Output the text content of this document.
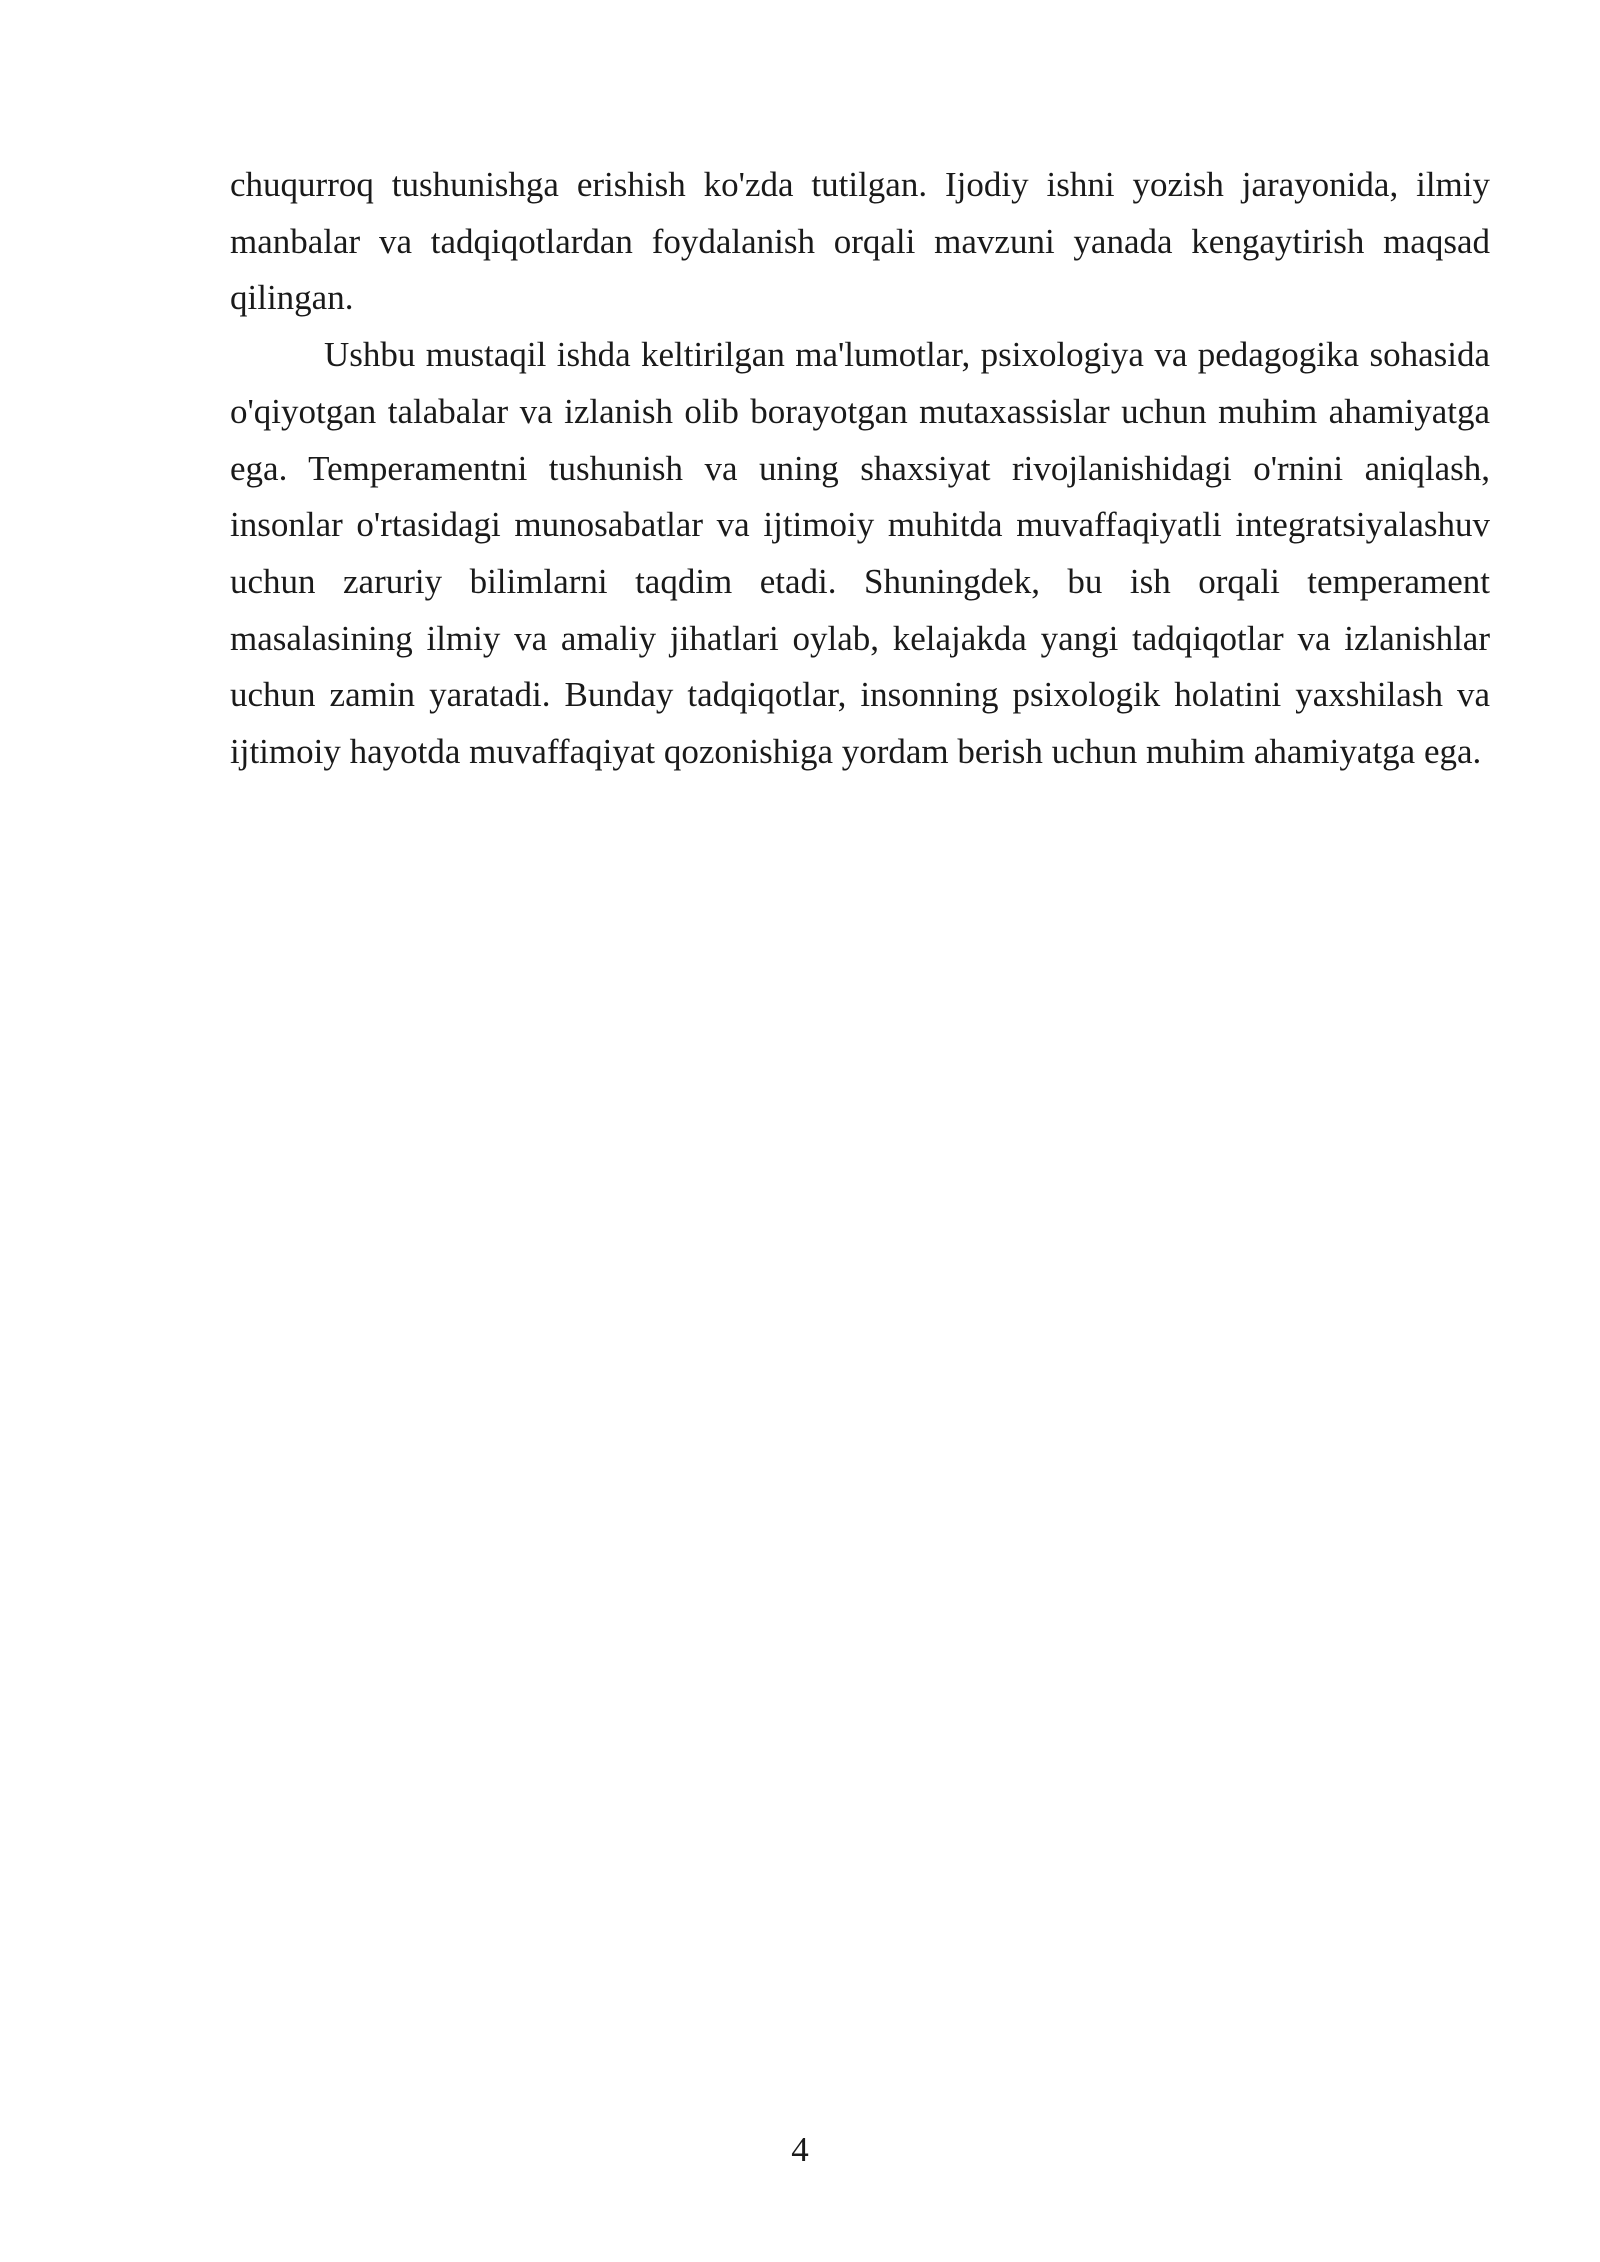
chuqurroq tushunishga erishish ko'zda tutilgan. Ijodiy ishni yozish jarayonida, ilmiy manbalar va tadqiqotlardan foydalanish orqali mavzuni yanada kengaytirish maqsad qilingan.

Ushbu mustaqil ishda keltirilgan ma'lumotlar, psixologiya va pedagogika sohasida o'qiyotgan talabalar va izlanish olib borayotgan mutaxassislar uchun muhim ahamiyatga ega. Temperamentni tushunish va uning shaxsiyat rivojlanishidagi o'rnini aniqlash, insonlar o'rtasidagi munosabatlar va ijtimoiy muhitda muvaffaqiyatli integratsiyalashuv uchun zaruriy bilimlarni taqdim etadi. Shuningdek, bu ish orqali temperament masalasining ilmiy va amaliy jihatlari oylab, kelajakda yangi tadqiqotlar va izlanishlar uchun zamin yaratadi. Bunday tadqiqotlar, insonning psixologik holatini yaxshilash va ijtimoiy hayotda muvaffaqiyat qozonishiga yordam berish uchun muhim ahamiyatga ega.

4
